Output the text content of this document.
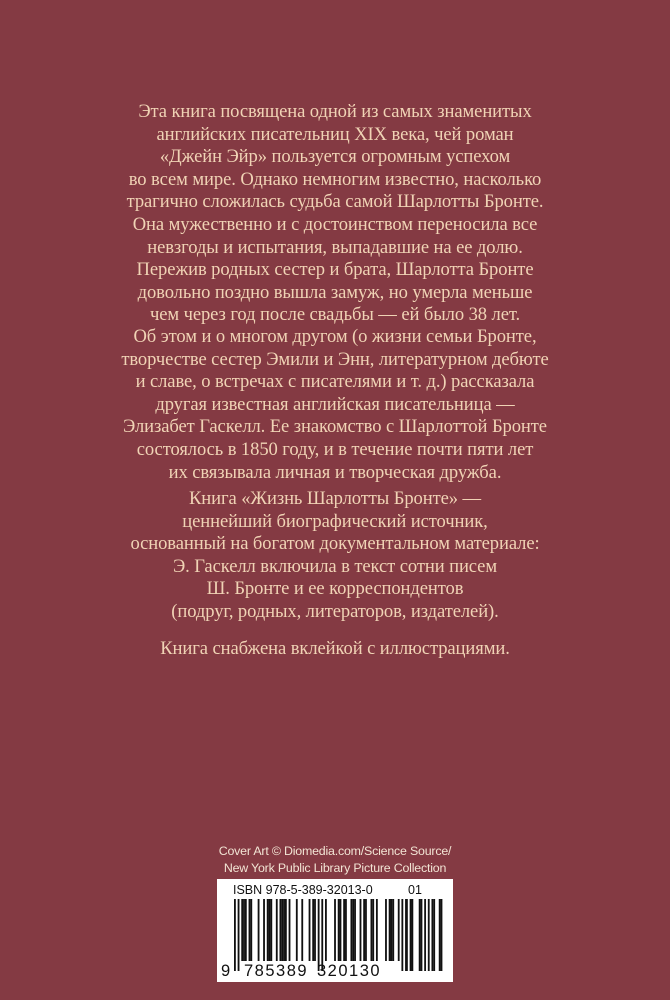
Эта книга посвящена одной из самых знаменитых
английских писательниц XIX века, чей роман
«Джейн Эйр» пользуется огромным успехом
во всем мире. Однако немногим известно, насколько
трагично сложилась судьба самой Шарлотты Бронте.
Она мужественно и с достоинством переносила все
невзгоды и испытания, выпадавшие на ее долю.
Пережив родных сестер и брата, Шарлотта Бронте
довольно поздно вышла замуж, но умерла меньше
чем через год после свадьбы — ей было 38 лет.
Об этом и о многом другом (о жизни семьи Бронте,
творчестве сестер Эмили и Энн, литературном дебюте
и славе, о встречах с писателями и т. д.) рассказала
другая известная английская писательница —
Элизабет Гаскелл. Ее знакомство с Шарлоттой Бронте
состоялось в 1850 году, и в течение почти пяти лет
их связывала личная и творческая дружба.
Книга «Жизнь Шарлотты Бронте» —
ценнейший биографический источник,
основанный на богатом документальном материале:
Э. Гаскелл включила в текст сотни писем
Ш. Бронте и ее корреспондентов
(подруг, родных, литераторов, издателей).
Книга снабжена вклейкой с иллюстрациями.
Cover Art © Diomedia.com/Science Source/
New York Public Library Picture Collection
ISBN 978-5-389-32013-0	01
9 785389 320130
